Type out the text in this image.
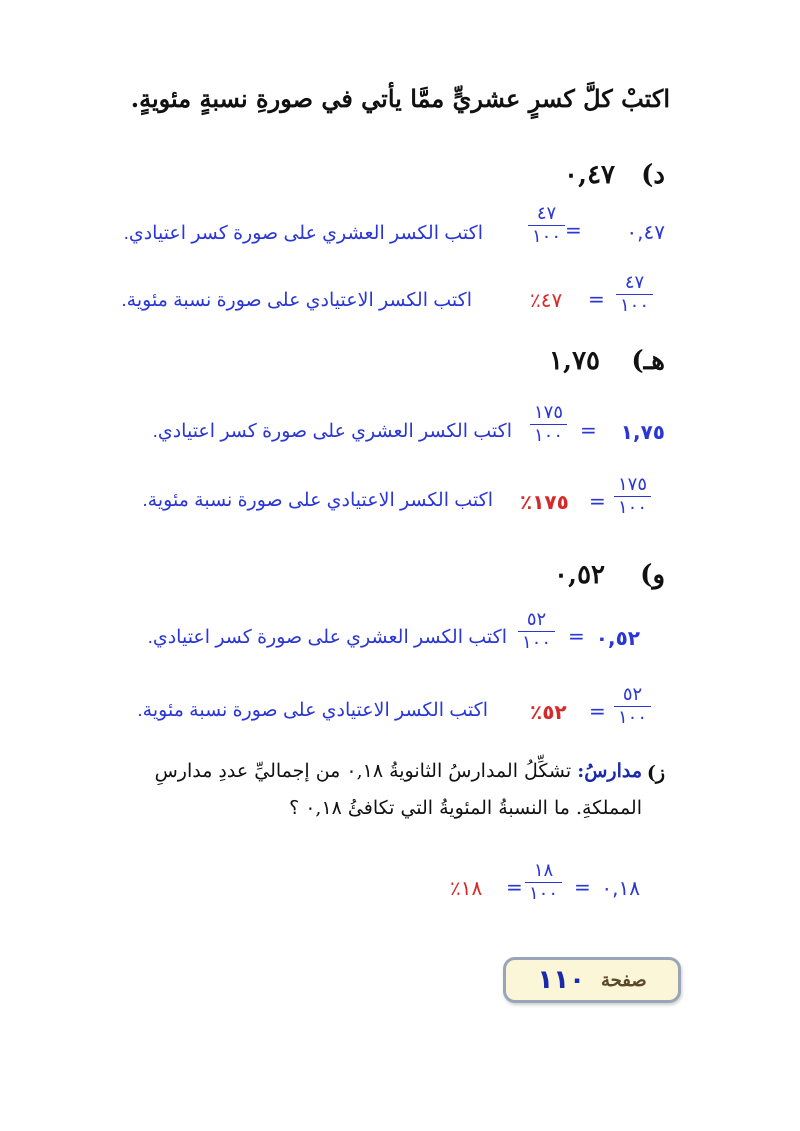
اكتبْ كلَّ كسرٍ عشريٍّ ممَّا يأتي في صورةِ نسبةٍ مئويةٍ.
د)
٠,٤٧
٠,٤٧
=
٤٧
١٠٠
اكتب الكسر العشري على صورة كسر اعتيادي.
٤٧
١٠٠
=
٪٤٧
اكتب الكسر الاعتيادي على صورة نسبة مئوية.
هـ)
١,٧٥
١,٧٥
=
١٧٥
١٠٠
اكتب الكسر العشري على صورة كسر اعتيادي.
١٧٥
١٠٠
=
٪١٧٥
اكتب الكسر الاعتيادي على صورة نسبة مئوية.
و)
٠,٥٢
٠,٥٢
=
٥٢
١٠٠
اكتب الكسر العشري على صورة كسر اعتيادي.
٥٢
١٠٠
=
٪٥٢
اكتب الكسر الاعتيادي على صورة نسبة مئوية.
ز)
مدارسُ: تشكِّلُ المدارسُ الثانويةُ ٠,١٨ من إجماليِّ عددِ مدارسِ
المملكةِ. ما النسبةُ المئويةُ التي تكافئُ ٠,١٨ ؟
٠,١٨
=
١٨
١٠٠
=
٪١٨
صفحة
١١٠
